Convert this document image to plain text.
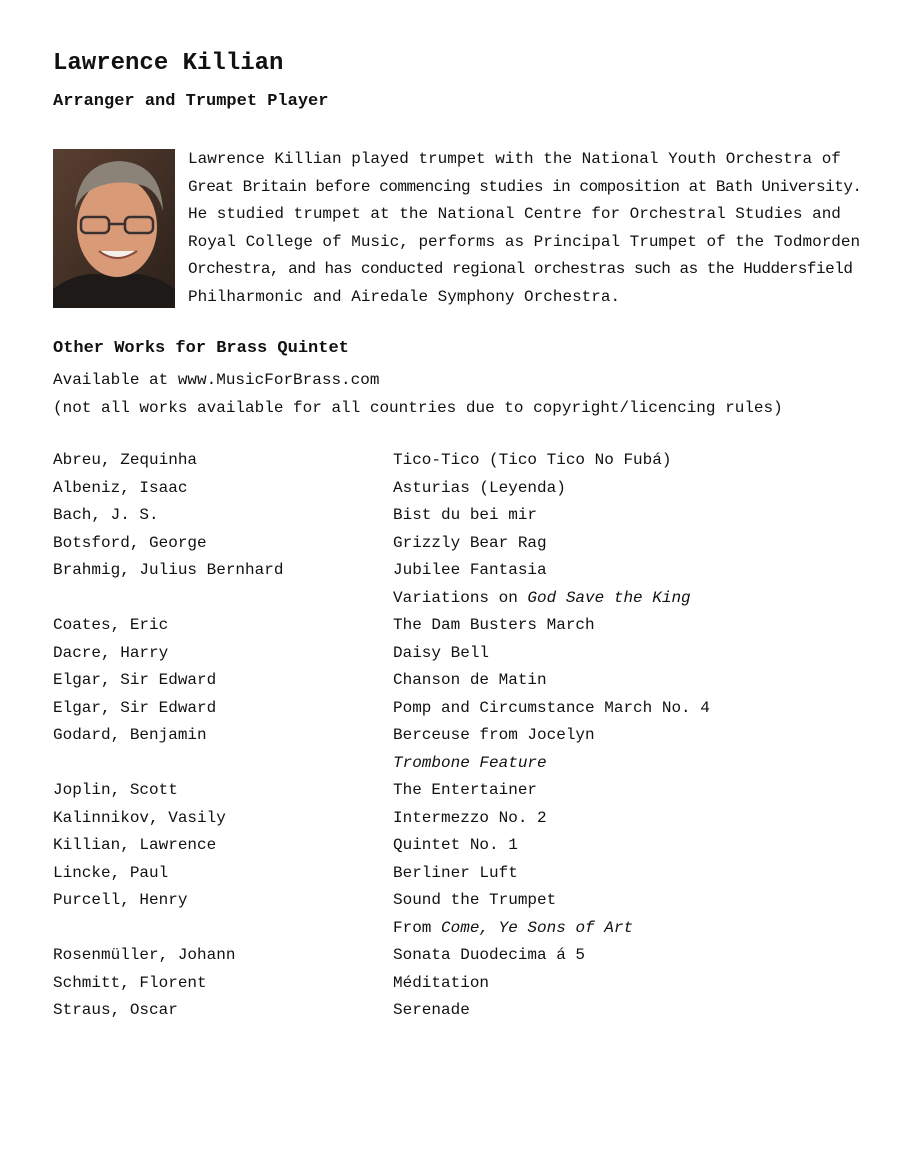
Lawrence Killian
Arranger and Trumpet Player
Lawrence Killian played trumpet with the National Youth Orchestra of
Great Britain before commencing studies in composition at Bath University.
He studied trumpet at the National Centre for Orchestral Studies and
Royal College of Music, performs as Principal Trumpet of the Todmorden
Orchestra, and has conducted regional orchestras such as the Huddersfield
Philharmonic and Airedale Symphony Orchestra.
Other Works for Brass Quintet
Available at www.MusicForBrass.com
(not all works available for all countries due to copyright/licencing rules)
Abreu, Zequinha	Tico-Tico (Tico Tico No Fubá)
Albeniz, Isaac	Asturias (Leyenda)
Bach, J. S.	Bist du bei mir
Botsford, George	Grizzly Bear Rag
Brahmig, Julius Bernhard	Jubilee Fantasia
Variations on God Save the King
Coates, Eric	The Dam Busters March
Dacre, Harry	Daisy Bell
Elgar, Sir Edward	Chanson de Matin
Elgar, Sir Edward	Pomp and Circumstance March No. 4
Godard, Benjamin	Berceuse from Jocelyn
Trombone Feature
Joplin, Scott	The Entertainer
Kalinnikov, Vasily	Intermezzo No. 2
Killian, Lawrence	Quintet No. 1
Lincke, Paul	Berliner Luft
Purcell, Henry	Sound the Trumpet
From Come, Ye Sons of Art
Rosenmüller, Johann	Sonata Duodecima á 5
Schmitt, Florent	Méditation
Straus, Oscar	Serenade
